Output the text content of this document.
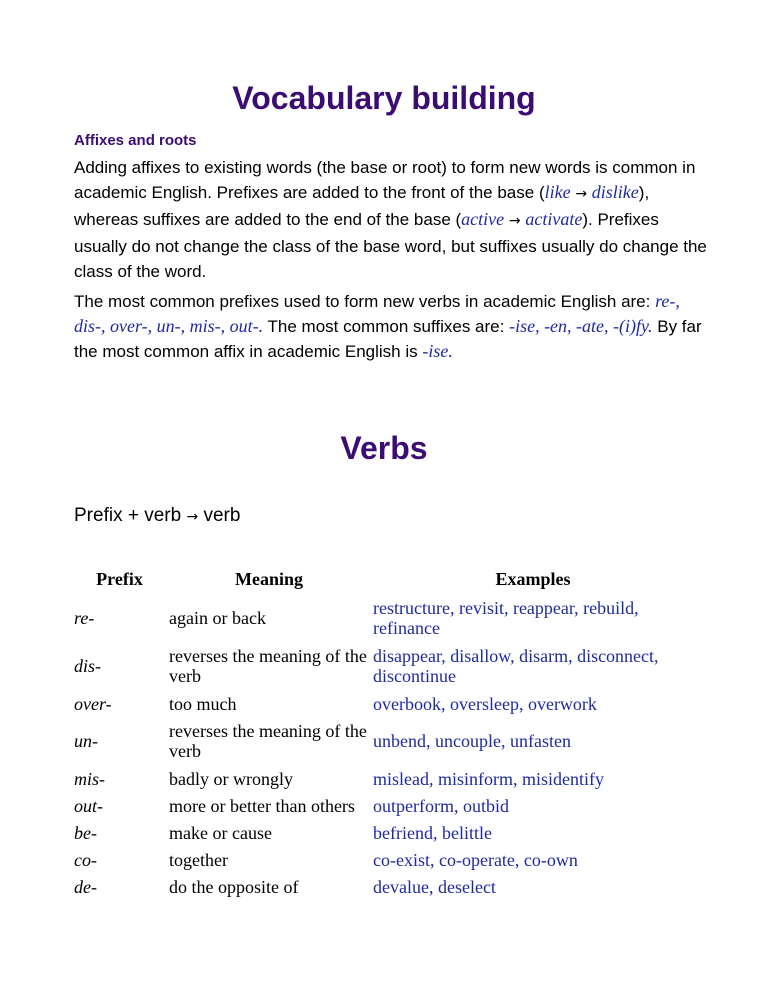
Vocabulary building
Affixes and roots

Adding affixes to existing words (the base or root) to form new words is common in academic English. Prefixes are added to the front of the base (like → dislike), whereas suffixes are added to the end of the base (active → activate). Prefixes usually do not change the class of the base word, but suffixes usually do change the class of the word.

The most common prefixes used to form new verbs in academic English are: re-, dis-, over-, un-, mis-, out-. The most common suffixes are: -ise, -en, -ate, -(i)fy. By far the most common affix in academic English is -ise.

Verbs

Prefix + verb → verb

Prefix	Meaning	Examples
re-	again or back	restructure, revisit, reappear, rebuild, refinance
dis-	reverses the meaning of the verb	disappear, disallow, disarm, disconnect, discontinue
over-	too much	overbook, oversleep, overwork
un-	reverses the meaning of the verb	unbend, uncouple, unfasten
mis-	badly or wrongly	mislead, misinform, misidentify
out-	more or better than others	outperform, outbid
be-	make or cause	befriend, belittle
co-	together	co-exist, co-operate, co-own
de-	do the opposite of	devalue, deselect
